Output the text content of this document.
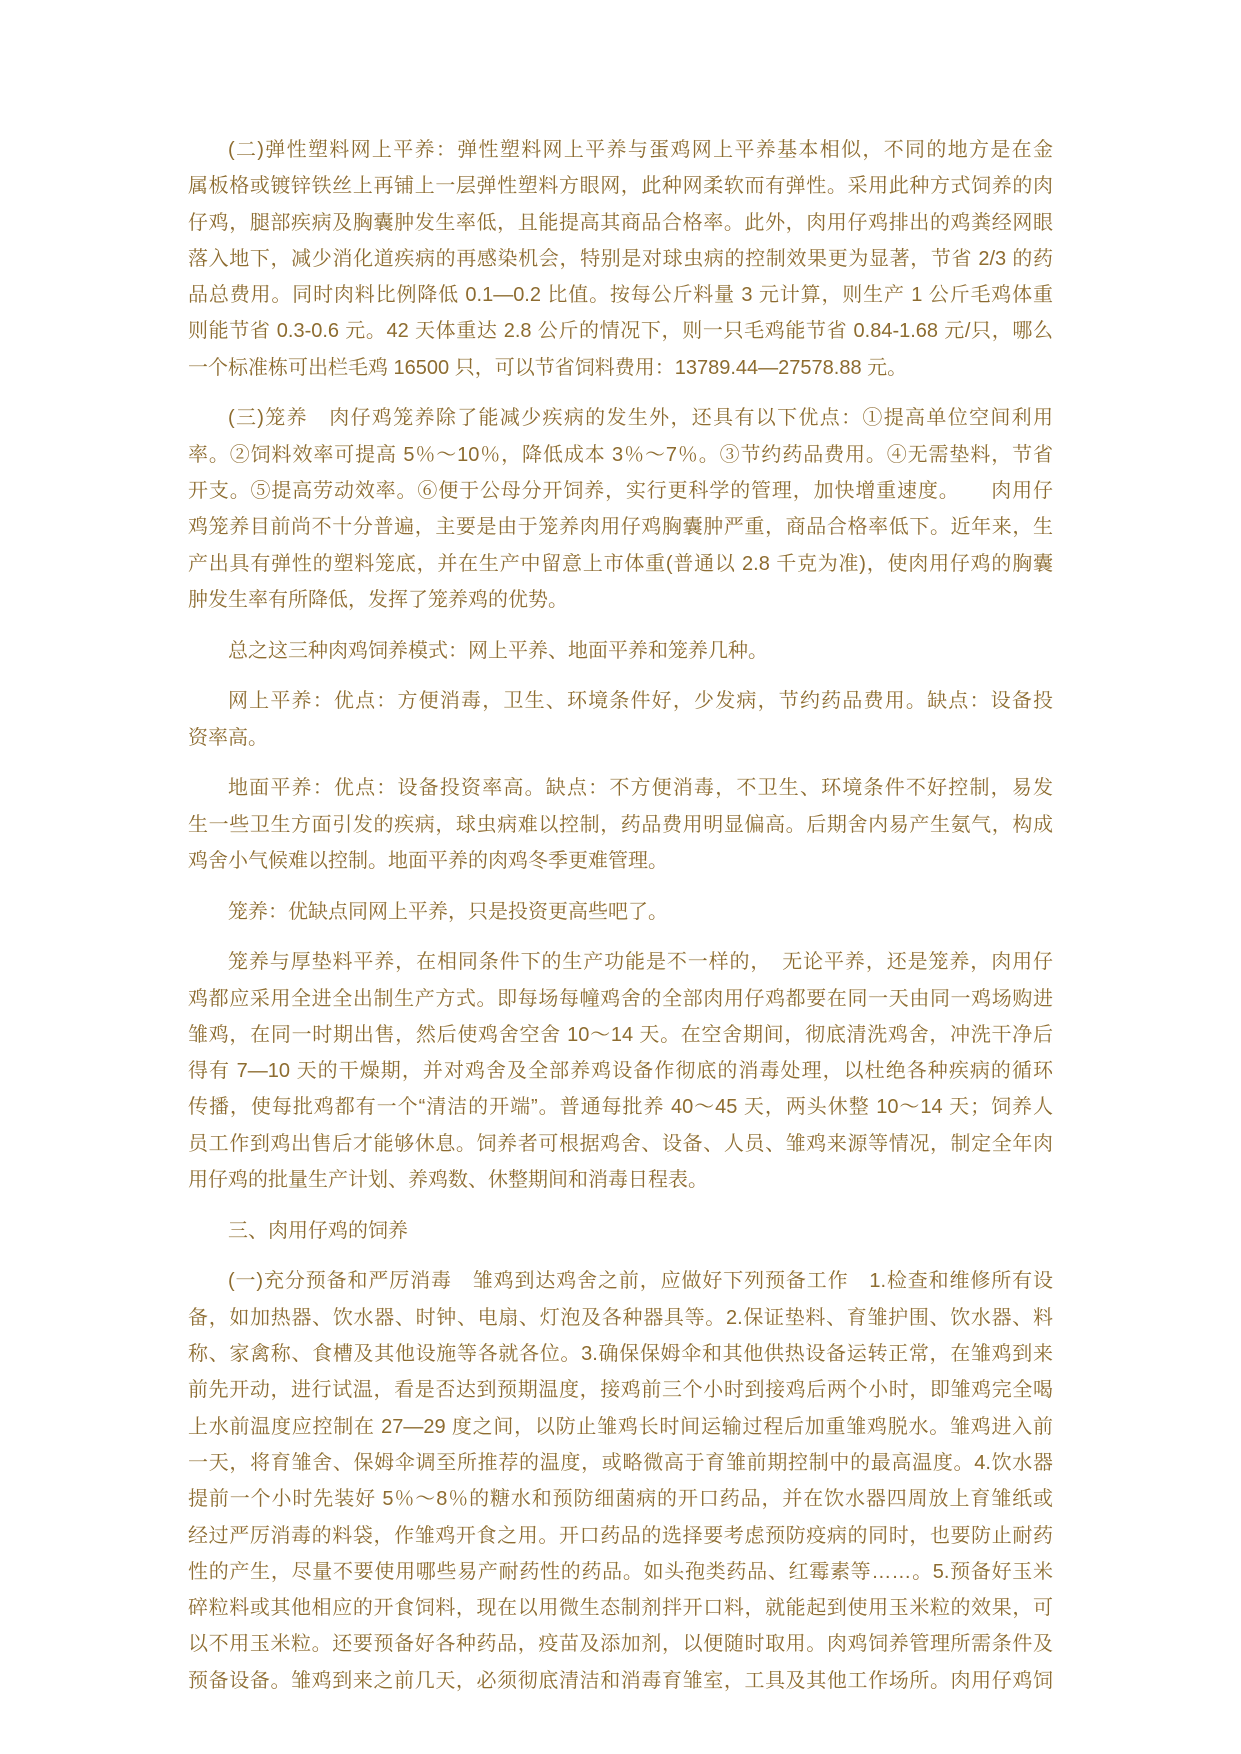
(二)弹性塑料网上平养：弹性塑料网上平养与蛋鸡网上平养基本相似，不同的地方是在金
属板格或镀锌铁丝上再铺上一层弹性塑料方眼网，此种网柔软而有弹性。采用此种方式饲养的肉
仔鸡，腿部疾病及胸囊肿发生率低，且能提高其商品合格率。此外，肉用仔鸡排出的鸡粪经网眼
落入地下，减少消化道疾病的再感染机会，特别是对球虫病的控制效果更为显著，节省 2/3 的药
品总费用。同时肉料比例降低 0.1—0.2 比值。按每公斤料量 3 元计算，则生产 1 公斤毛鸡体重
则能节省 0.3-0.6 元。42 天体重达 2.8 公斤的情况下，则一只毛鸡能节省 0.84-1.68 元/只，哪么
一个标准栋可出栏毛鸡 16500 只，可以节省饲料费用：13789.44—27578.88 元。
(三)笼养　肉仔鸡笼养除了能减少疾病的发生外，还具有以下优点：①提高单位空间利用
率。②饲料效率可提高 5％～10％，降低成本 3％～7％。③节约药品费用。④无需垫料，节省
开支。⑤提高劳动效率。⑥便于公母分开饲养，实行更科学的管理，加快增重速度。　　肉用仔
鸡笼养目前尚不十分普遍，主要是由于笼养肉用仔鸡胸囊肿严重，商品合格率低下。近年来，生
产出具有弹性的塑料笼底，并在生产中留意上市体重(普通以 2.8 千克为准)，使肉用仔鸡的胸囊
肿发生率有所降低，发挥了笼养鸡的优势。
总之这三种肉鸡饲养模式：网上平养、地面平养和笼养几种。
网上平养：优点：方便消毒，卫生、环境条件好，少发病，节约药品费用。缺点：设备投
资率高。
地面平养：优点：设备投资率高。缺点：不方便消毒，不卫生、环境条件不好控制，易发
生一些卫生方面引发的疾病，球虫病难以控制，药品费用明显偏高。后期舍内易产生氨气，构成
鸡舍小气候难以控制。地面平养的肉鸡冬季更难管理。
笼养：优缺点同网上平养，只是投资更高些吧了。
笼养与厚垫料平养，在相同条件下的生产功能是不一样的，　无论平养，还是笼养，肉用仔
鸡都应采用全进全出制生产方式。即每场每幢鸡舍的全部肉用仔鸡都要在同一天由同一鸡场购进
雏鸡，在同一时期出售，然后使鸡舍空舍 10～14 天。在空舍期间，彻底清洗鸡舍，冲洗干净后
得有 7—10 天的干燥期，并对鸡舍及全部养鸡设备作彻底的消毒处理，以杜绝各种疾病的循环
传播，使每批鸡都有一个“清洁的开端”。普通每批养 40～45 天，两头休整 10～14 天；饲养人
员工作到鸡出售后才能够休息。饲养者可根据鸡舍、设备、人员、雏鸡来源等情况，制定全年肉
用仔鸡的批量生产计划、养鸡数、休整期间和消毒日程表。
三、肉用仔鸡的饲养
(一)充分预备和严厉消毒　雏鸡到达鸡舍之前，应做好下列预备工作　1.检查和维修所有设
备，如加热器、饮水器、时钟、电扇、灯泡及各种器具等。2.保证垫料、育雏护围、饮水器、料
称、家禽称、食槽及其他设施等各就各位。3.确保保姆伞和其他供热设备运转正常，在雏鸡到来
前先开动，进行试温，看是否达到预期温度，接鸡前三个小时到接鸡后两个小时，即雏鸡完全喝
上水前温度应控制在 27—29 度之间，以防止雏鸡长时间运输过程后加重雏鸡脱水。雏鸡进入前
一天，将育雏舍、保姆伞调至所推荐的温度，或略微高于育雏前期控制中的最高温度。4.饮水器
提前一个小时先装好 5％～8％的糖水和预防细菌病的开口药品，并在饮水器四周放上育雏纸或
经过严厉消毒的料袋，作雏鸡开食之用。开口药品的选择要考虑预防疫病的同时，也要防止耐药
性的产生，尽量不要使用哪些易产耐药性的药品。如头孢类药品、红霉素等……。5.预备好玉米
碎粒料或其他相应的开食饲料，现在以用微生态制剂拌开口料，就能起到使用玉米粒的效果，可
以不用玉米粒。还要预备好各种药品，疫苗及添加剂，以便随时取用。肉鸡饲养管理所需条件及
预备设备。雏鸡到来之前几天，必须彻底清洁和消毒育雏室，工具及其他工作场所。肉用仔鸡饲
